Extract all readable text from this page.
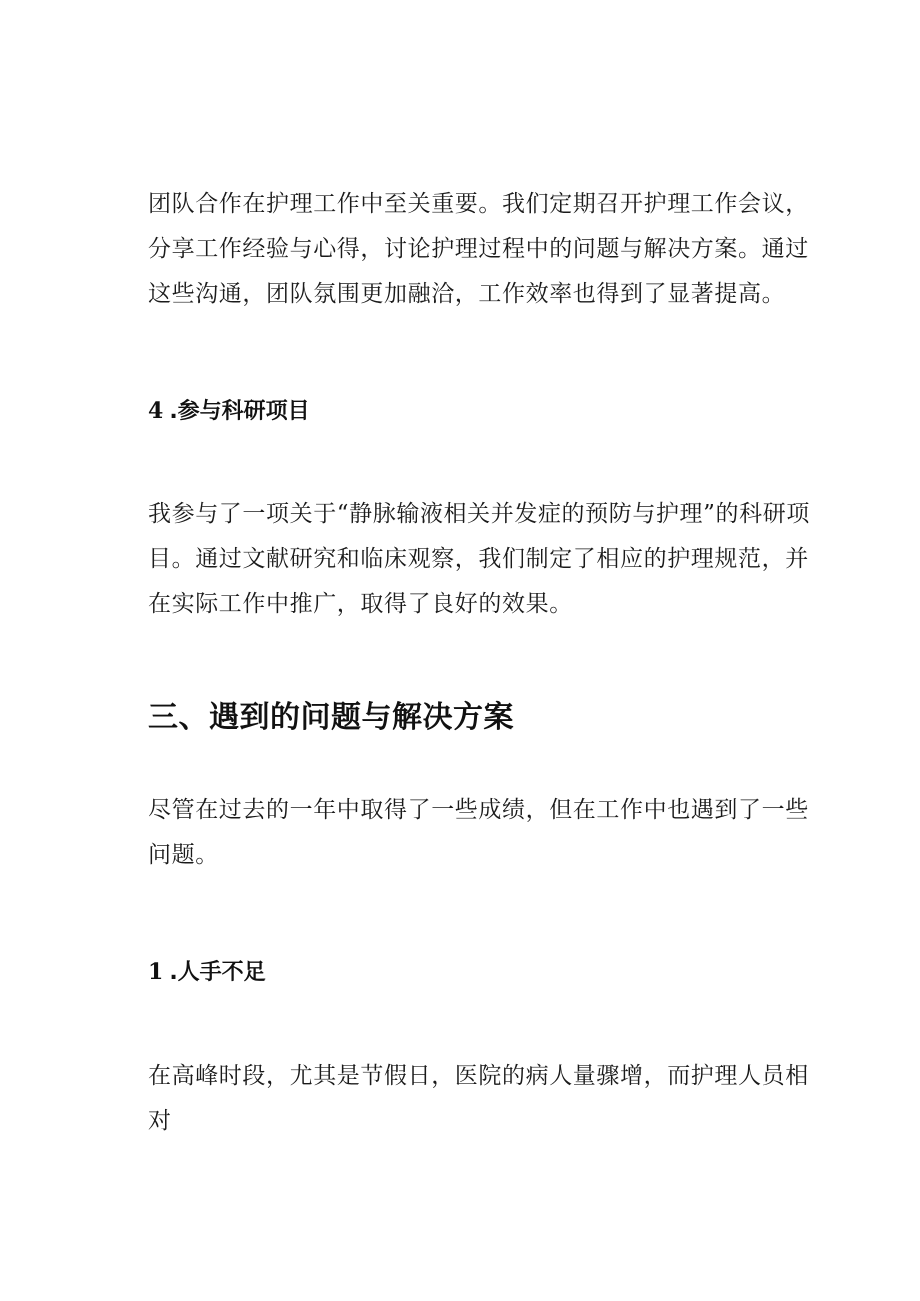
团队合作在护理工作中至关重要。我们定期召开护理工作会议，分享工作经验与心得，讨论护理过程中的问题与解决方案。通过这些沟通，团队氛围更加融洽，工作效率也得到了显著提高。

4 .参与科研项目

我参与了一项关于“静脉输液相关并发症的预防与护理”的科研项目。通过文献研究和临床观察，我们制定了相应的护理规范，并在实际工作中推广，取得了良好的效果。

三、遇到的问题与解决方案

尽管在过去的一年中取得了一些成绩，但在工作中也遇到了一些问题。

1 .人手不足

在高峰时段，尤其是节假日，医院的病人量骤增，而护理人员相对
